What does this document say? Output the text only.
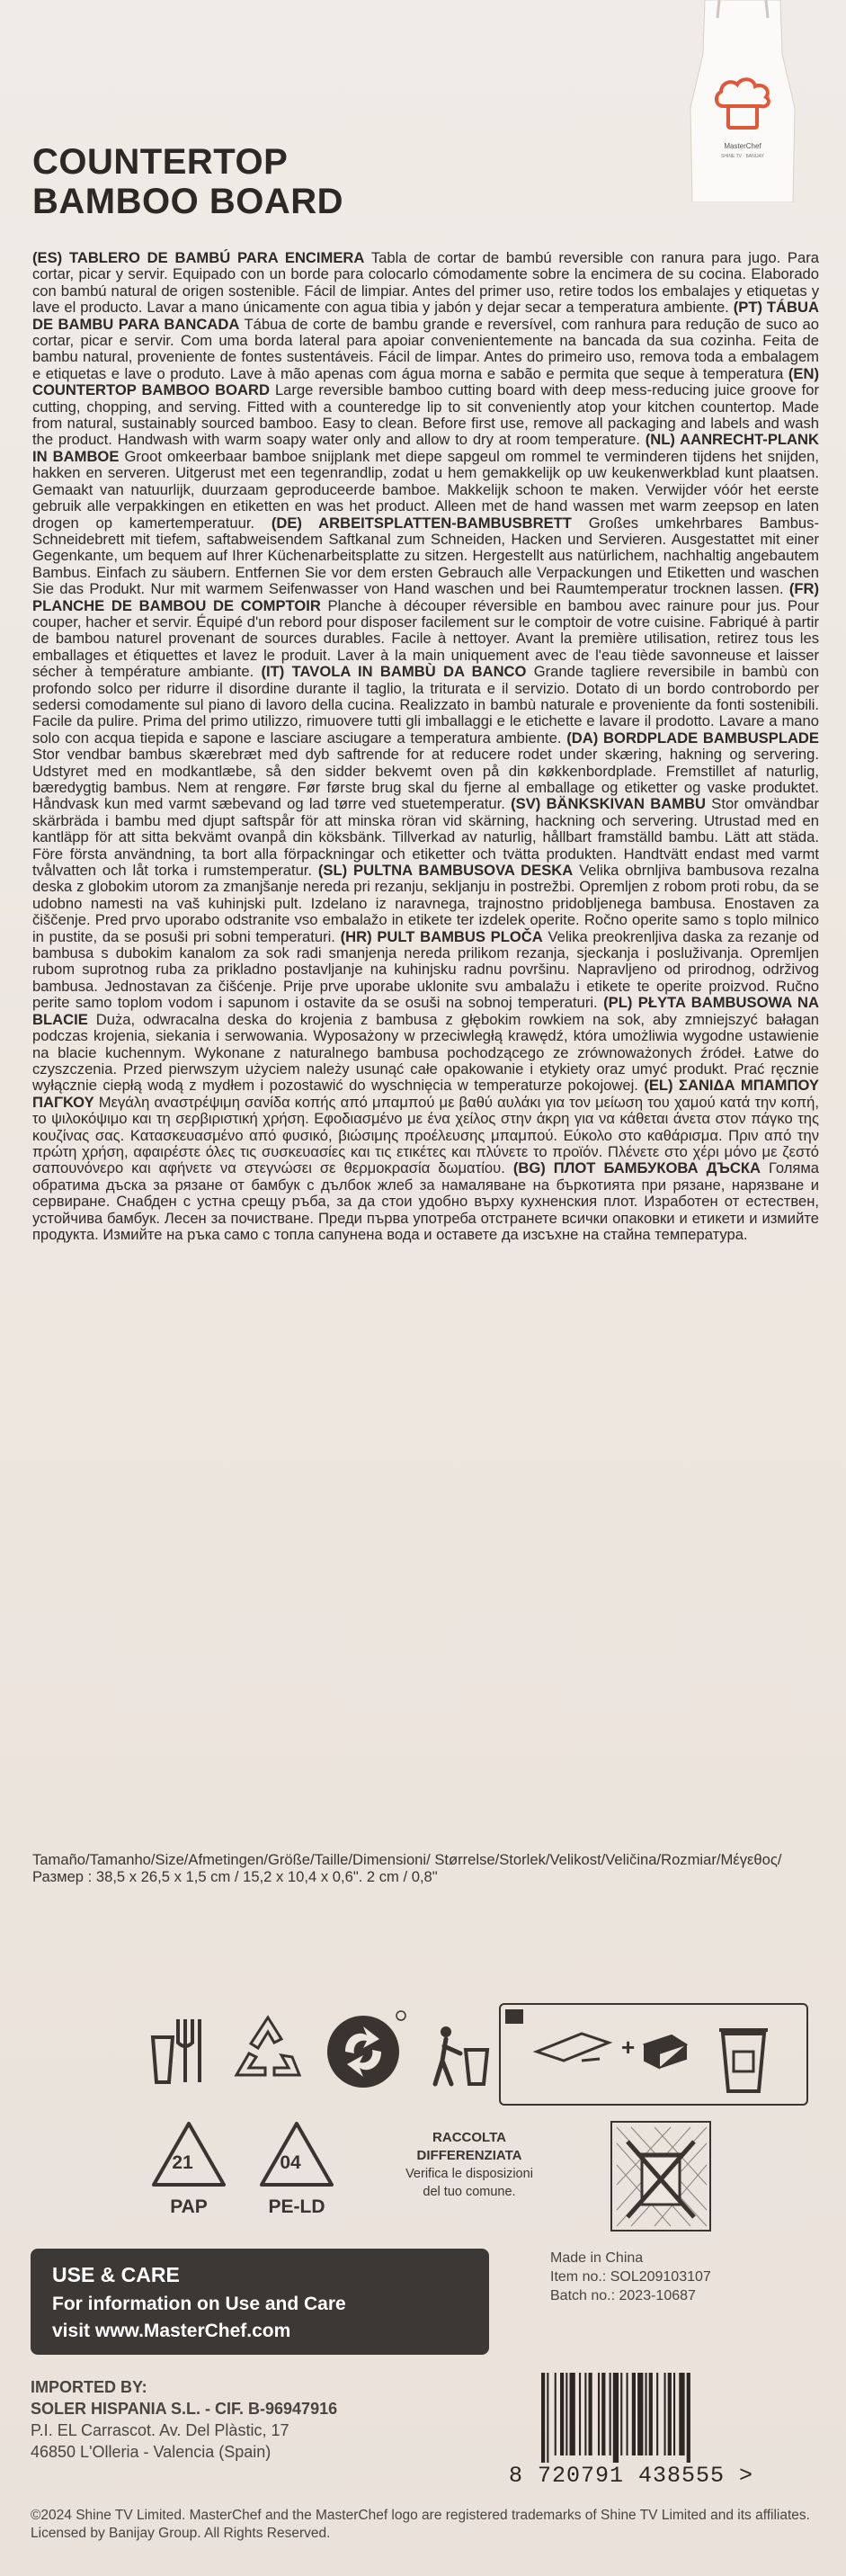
MasterChef
SHINE TV · BANIJAY
COUNTERTOP
BAMBOO BOARD
(ES) TABLERO DE BAMBÚ PARA ENCIMERA Tabla de cortar de bambú reversible con ranura para jugo. Para cortar, picar y servir. Equipado con un borde para colocarlo cómodamente sobre la encimera de su cocina. Elaborado con bambú natural de origen sostenible. Fácil de limpiar. Antes del primer uso, retire todos los embalajes y etiquetas y lave el producto. Lavar a mano únicamente con agua tibia y jabón y dejar secar a temperatura ambiente. (PT) TÁBUA DE BAMBU PARA BANCADA Tábua de corte de bambu grande e reversível, com ranhura para redução de suco ao cortar, picar e servir. Com uma borda lateral para apoiar convenientemente na bancada da sua cozinha. Feita de bambu natural, proveniente de fontes sustentáveis. Fácil de limpar. Antes do primeiro uso, remova toda a embalagem e etiquetas e lave o produto. Lave à mão apenas com água morna e sabão e permita que seque à temperatura (EN) COUNTERTOP BAMBOO BOARD Large reversible bamboo cutting board with deep mess-reducing juice groove for cutting, chopping, and serving. Fitted with a counteredge lip to sit conveniently atop your kitchen countertop. Made from natural, sustainably sourced bamboo. Easy to clean. Before first use, remove all packaging and labels and wash the product. Handwash with warm soapy water only and allow to dry at room temperature. (NL) AANRECHT-PLANK IN BAMBOE Groot omkeerbaar bamboe snijplank met diepe sapgeul om rommel te verminderen tijdens het snijden, hakken en serveren. Uitgerust met een tegenrandlip, zodat u hem gemakkelijk op uw keukenwerkblad kunt plaatsen. Gemaakt van natuurlijk, duurzaam geproduceerde bamboe. Makkelijk schoon te maken. Verwijder vóór het eerste gebruik alle verpakkingen en etiketten en was het product. Alleen met de hand wassen met warm zeepsop en laten drogen op kamertemperatuur. (DE) ARBEITSPLATTEN-BAMBUSBRETT Großes umkehrbares Bambus-Schneidebrett mit tiefem, saftabweisendem Saftkanal zum Schneiden, Hacken und Servieren. Ausgestattet mit einer Gegenkante, um bequem auf Ihrer Küchenarbeitsplatte zu sitzen. Hergestellt aus natürlichem, nachhaltig angebautem Bambus. Einfach zu säubern. Entfernen Sie vor dem ersten Gebrauch alle Verpackungen und Etiketten und waschen Sie das Produkt. Nur mit warmem Seifenwasser von Hand waschen und bei Raumtemperatur trocknen lassen. (FR) PLANCHE DE BAMBOU DE COMPTOIR Planche à découper réversible en bambou avec rainure pour jus. Pour couper, hacher et servir. Équipé d'un rebord pour disposer facilement sur le comptoir de votre cuisine. Fabriqué à partir de bambou naturel provenant de sources durables. Facile à nettoyer. Avant la première utilisation, retirez tous les emballages et étiquettes et lavez le produit. Laver à la main uniquement avec de l'eau tiède savonneuse et laisser sécher à température ambiante. (IT) TAVOLA IN BAMBÙ DA BANCO Grande tagliere reversibile in bambù con profondo solco per ridurre il disordine durante il taglio, la triturata e il servizio. Dotato di un bordo controbordo per sedersi comodamente sul piano di lavoro della cucina. Realizzato in bambù naturale e proveniente da fonti sostenibili. Facile da pulire. Prima del primo utilizzo, rimuovere tutti gli imballaggi e le etichette e lavare il prodotto. Lavare a mano solo con acqua tiepida e sapone e lasciare asciugare a temperatura ambiente. (DA) BORDPLADE BAMBUSPLADE Stor vendbar bambus skærebræt med dyb saftrende for at reducere rodet under skæring, hakning og servering. Udstyret med en modkantlæbe, så den sidder bekvemt oven på din køkkenbordplade. Fremstillet af naturlig, bæredygtig bambus. Nem at rengøre. Før første brug skal du fjerne al emballage og etiketter og vaske produktet. Håndvask kun med varmt sæbevand og lad tørre ved stuetemperatur. (SV) BÄNKSKIVAN BAMBU Stor omvändbar skärbräda i bambu med djupt saftspår för att minska röran vid skärning, hackning och servering. Utrustad med en kantläpp för att sitta bekvämt ovanpå din köksbänk. Tillverkad av naturlig, hållbart framställd bambu. Lätt att städa. Före första användning, ta bort alla förpackningar och etiketter och tvätta produkten. Handtvätt endast med varmt tvålvatten och låt torka i rumstemperatur. (SL) PULTNA BAMBUSOVA DESKA Velika obrnljiva bambusova rezalna deska z globokim utorom za zmanjšanje nereda pri rezanju, sekljanju in postrežbi. Opremljen z robom proti robu, da se udobno namesti na vaš kuhinjski pult. Izdelano iz naravnega, trajnostno pridobljenega bambusa. Enostaven za čiščenje. Pred prvo uporabo odstranite vso embalažo in etikete ter izdelek operite. Ročno operite samo s toplo milnico in pustite, da se posuši pri sobni temperaturi. (HR) PULT BAMBUS PLOČA Velika preokrenljiva daska za rezanje od bambusa s dubokim kanalom za sok radi smanjenja nereda prilikom rezanja, sjeckanja i posluživanja. Opremljen rubom suprotnog ruba za prikladno postavljanje na kuhinjsku radnu površinu. Napravljeno od prirodnog, održivog bambusa. Jednostavan za čišćenje. Prije prve uporabe uklonite svu ambalažu i etikete te operite proizvod. Ručno perite samo toplom vodom i sapunom i ostavite da se osuši na sobnoj temperaturi. (PL) PŁYTA BAMBUSOWA NA BLACIE Duża, odwracalna deska do krojenia z bambusa z głębokim rowkiem na sok, aby zmniejszyć bałagan podczas krojenia, siekania i serwowania. Wyposażony w przeciwległą krawędź, która umożliwia wygodne ustawienie na blacie kuchennym. Wykonane z naturalnego bambusa pochodzącego ze zrównoważonych źródeł. Łatwe do czyszczenia. Przed pierwszym użyciem należy usunąć całe opakowanie i etykiety oraz umyć produkt. Prać ręcznie wyłącznie ciepłą wodą z mydłem i pozostawić do wyschnięcia w temperaturze pokojowej. (EL) ΣΑΝΙΔΑ ΜΠΑΜΠΟΥ ΠΑΓΚΟΥ Μεγάλη αναστρέψιμη σανίδα κοπής από μπαμπού με βαθύ αυλάκι για τον μείωση του χαμού κατά την κοπή, το ψιλοκόψιμο και τη σερβιριστική χρήση. Εφοδιασμένο με ένα χείλος στην άκρη για να κάθεται άνετα στον πάγκο της κουζίνας σας. Κατασκευασμένο από φυσικό, βιώσιμης προέλευσης μπαμπού. Εύκολο στο καθάρισμα. Πριν από την πρώτη χρήση, αφαιρέστε όλες τις συσκευασίες και τις ετικέτες και πλύνετε το προϊόν. Πλένετε στο χέρι μόνο με ζεστό σαπουνόνερο και αφήνετε να στεγνώσει σε θερμοκρασία δωματίου. (BG) ПЛОТ БАМБУКОВА ДЪСКА Голяма обратима дъска за рязане от бамбук с дълбок жлеб за намаляване на бъркотията при рязане, нарязване и сервиране. Снабден с устна срещу ръба, за да стои удобно върху кухненския плот. Изработен от естествен, устойчива бамбук. Лесен за почистване. Преди първа употреба отстранете всички опаковки и етикети и измийте продукта. Измийте на ръка само с топла сапунена вода и оставете да изсъхне на стайна температура.
Tamaño/Tamanho/Size/Afmetingen/Größe/Taille/Dimensioni/ Størrelse/Storlek/Velikost/Veličina/Rozmiar/Μέγεθος/Размер : 38,5 x 26,5 x 1,5 cm / 15,2 x 10,4 x 0,6". 2 cm / 0,8"
+
21
PAP
04
PE-LD
RACCOLTA
DIFFERENZIATA
Verifica le disposizioni
del tuo comune.
USE & CARE
For information on Use and Care
visit www.MasterChef.com
Made in China
Item no.: SOL209103107
Batch no.: 2023-10687
IMPORTED BY:
SOLER HISPANIA S.L. - CIF. B-96947916
P.I. EL Carrascot. Av. Del Plàstic, 17
46850 L'Olleria - Valencia (Spain)
8 720791 438555 >
©2024 Shine TV Limited. MasterChef and the MasterChef logo are registered trademarks of Shine TV Limited and its affiliates. Licensed by Banijay Group. All Rights Reserved.
